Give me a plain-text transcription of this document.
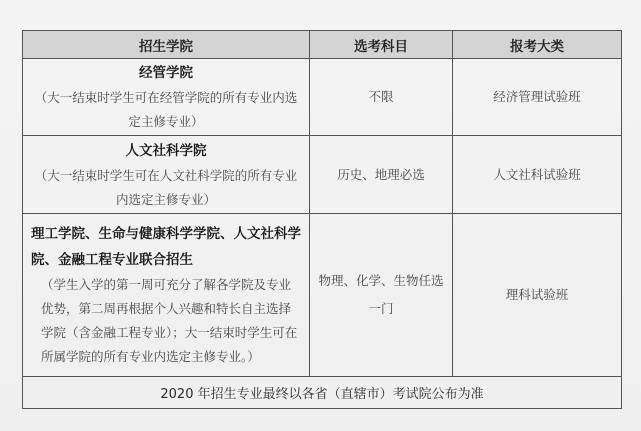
招生学院	选考科目	报考大类

经管学院
（大一结束时学生可在经管学院的所有专业内选定主修专业）	不限	经济管理试验班

人文社科学院
（大一结束时学生可在人文社科学院的所有专业内选定主修专业）	历史、地理必选	人文社科试验班

理工学院、生命与健康科学学院、人文社科学院、金融工程专业联合招生
（学生入学的第一周可充分了解各学院及专业优势，第二周再根据个人兴趣和特长自主选择学院（含金融工程专业）；大一结束时学生可在所属学院的所有专业内选定主修专业。）	物理、化学、生物任选一门	理科试验班
2020 年招生专业最终以各省（直辖市）考试院公布为准		
